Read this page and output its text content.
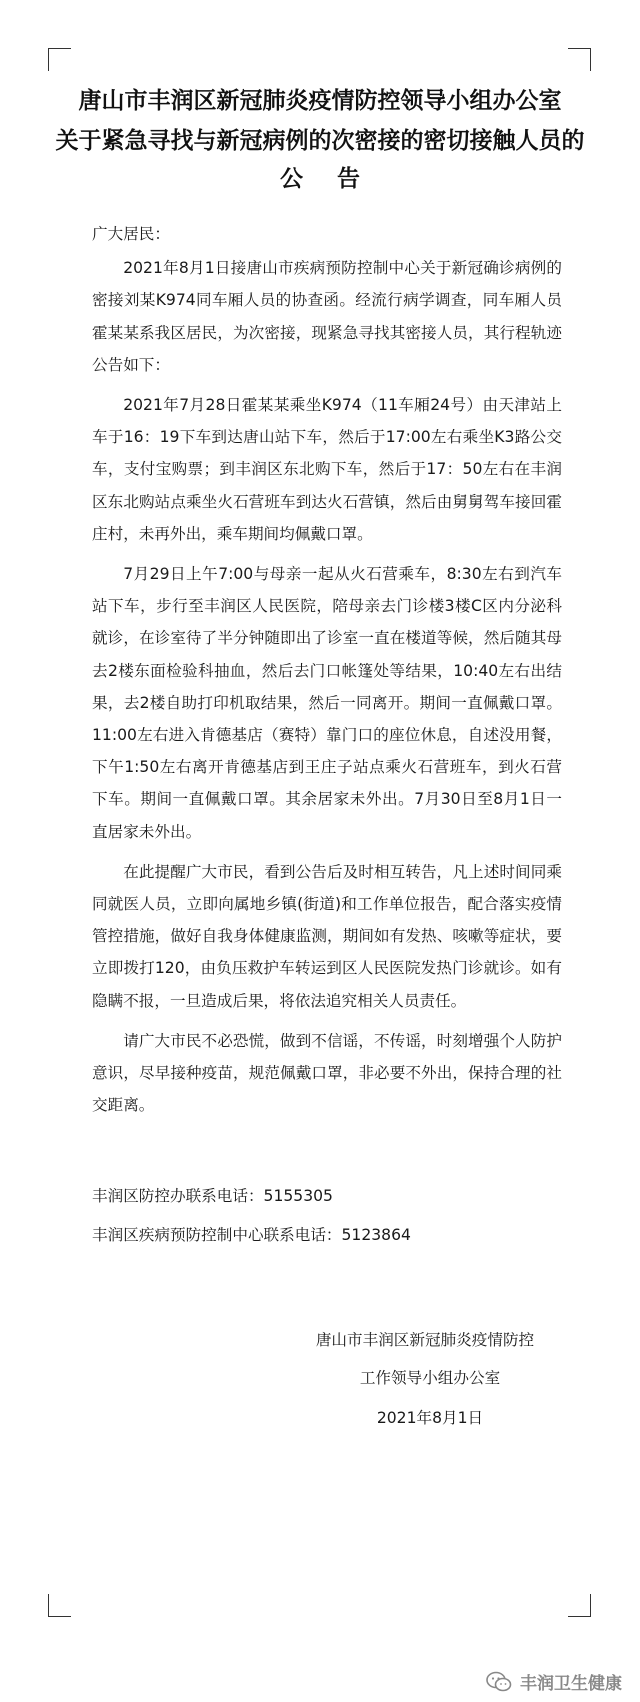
唐山市丰润区新冠肺炎疫情防控领导小组办公室
关于紧急寻找与新冠病例的次密接的密切接触人员的
公告

广大居民：

2021年8月1日接唐山市疾病预防控制中心关于新冠确诊病例的密接刘某K974同车厢人员的协查函。经流行病学调查，同车厢人员霍某某系我区居民，为次密接，现紧急寻找其密接人员，其行程轨迹公告如下：

2021年7月28日霍某某乘坐K974（11车厢24号）由天津站上车于16：19下车到达唐山站下车，然后于17:00左右乘坐K3路公交车，支付宝购票；到丰润区东北购下车，然后于17：50左右在丰润区东北购站点乘坐火石营班车到达火石营镇，然后由舅舅驾车接回霍庄村，未再外出，乘车期间均佩戴口罩。

7月29日上午7:00与母亲一起从火石营乘车，8:30左右到汽车站下车，步行至丰润区人民医院，陪母亲去门诊楼3楼C区内分泌科就诊，在诊室待了半分钟随即出了诊室一直在楼道等候，然后随其母去2楼东面检验科抽血，然后去门口帐篷处等结果，10:40左右出结果，去2楼自助打印机取结果，然后一同离开。期间一直佩戴口罩。11:00左右进入肯德基店（赛特）靠门口的座位休息，自述没用餐，下午1:50左右离开肯德基店到王庄子站点乘火石营班车，到火石营下车。期间一直佩戴口罩。其余居家未外出。7月30日至8月1日一直居家未外出。

在此提醒广大市民，看到公告后及时相互转告，凡上述时间同乘同就医人员，立即向属地乡镇(街道)和工作单位报告，配合落实疫情管控措施，做好自我身体健康监测，期间如有发热、咳嗽等症状，要立即拨打120，由负压救护车转运到区人民医院发热门诊就诊。如有隐瞒不报，一旦造成后果，将依法追究相关人员责任。

请广大市民不必恐慌，做到不信谣，不传谣，时刻增强个人防护意识，尽早接种疫苗，规范佩戴口罩，非必要不外出，保持合理的社交距离。

丰润区防控办联系电话：5155305
丰润区疾病预防控制中心联系电话：5123864
唐山市丰润区新冠肺炎疫情防控
工作领导小组办公室
2021年8月1日
丰润卫生健康
